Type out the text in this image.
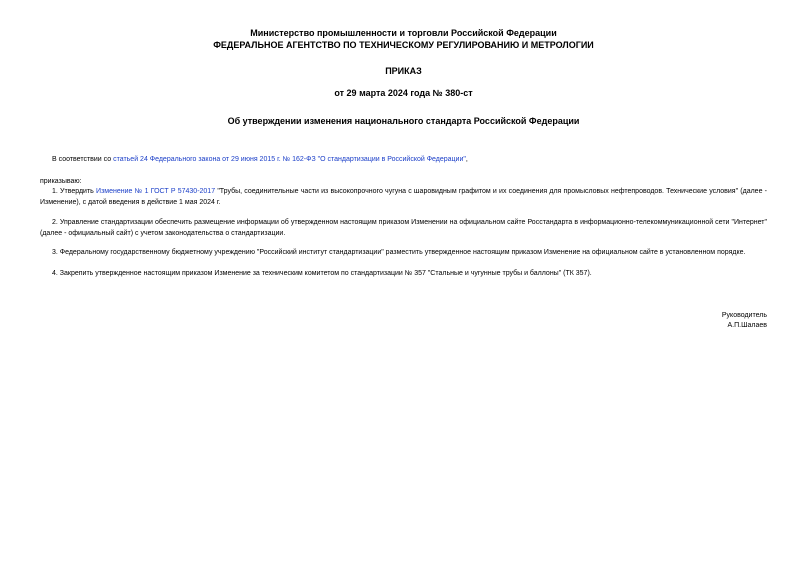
Министерство промышленности и торговли Российской Федерации
ФЕДЕРАЛЬНОЕ АГЕНТСТВО ПО ТЕХНИЧЕСКОМУ РЕГУЛИРОВАНИЮ И МЕТРОЛОГИИ
ПРИКАЗ
от 29 марта 2024 года № 380-ст
Об утверждении изменения национального стандарта Российской Федерации
В соответствии со статьей 24 Федерального закона от 29 июня 2015 г. № 162-ФЗ "О стандартизации в Российской Федерации",
приказываю:
1. Утвердить Изменение № 1 ГОСТ Р 57430-2017 "Трубы, соединительные части из высокопрочного чугуна с шаровидным графитом и их соединения для промысловых нефтепроводов. Технические условия" (далее - Изменение), с датой введения в действие 1 мая 2024 г.
2. Управление стандартизации обеспечить размещение информации об утвержденном настоящим приказом Изменении на официальном сайте Росстандарта в информационно-телекоммуникационной сети "Интернет" (далее - официальный сайт) с учетом законодательства о стандартизации.
3. Федеральному государственному бюджетному учреждению "Российский институт стандартизации" разместить утвержденное настоящим приказом Изменение на официальном сайте в установленном порядке.
4. Закрепить утвержденное настоящим приказом Изменение за техническим комитетом по стандартизации № 357 "Стальные и чугунные трубы и баллоны" (ТК 357).
Руководитель
А.П.Шалаев
